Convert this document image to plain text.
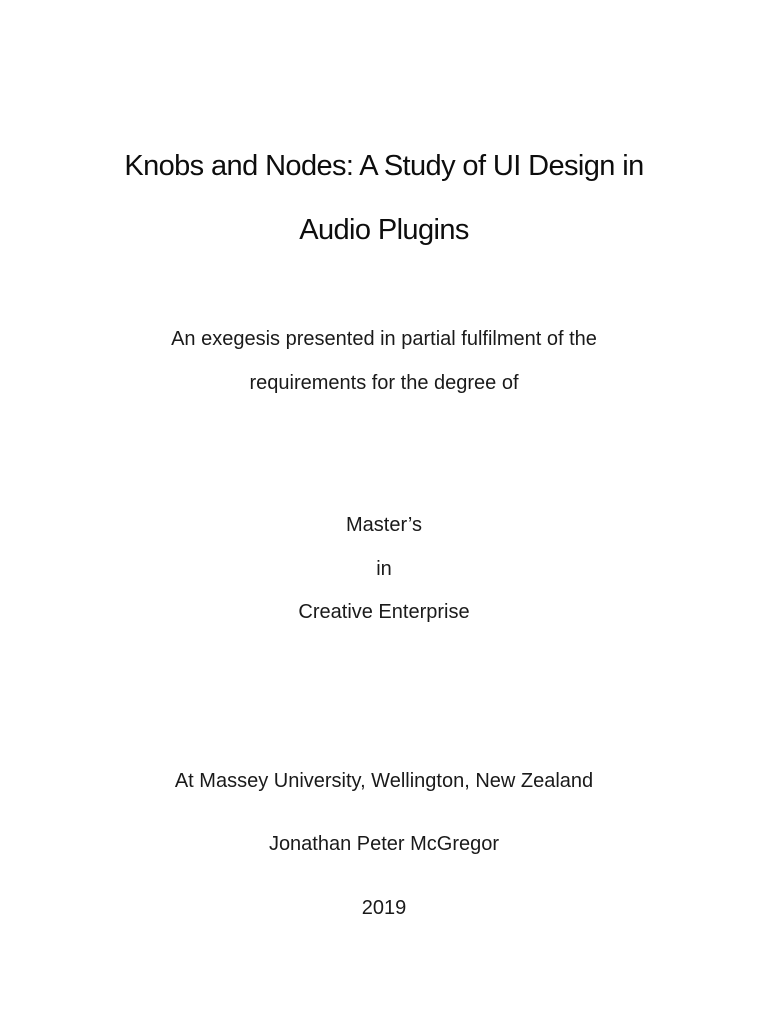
Knobs and Nodes: A Study of UI Design in
Audio Plugins

An exegesis presented in partial fulfilment of the

requirements for the degree of

Master’s

in

Creative Enterprise

At Massey University, Wellington, New Zealand

Jonathan Peter McGregor

2019
